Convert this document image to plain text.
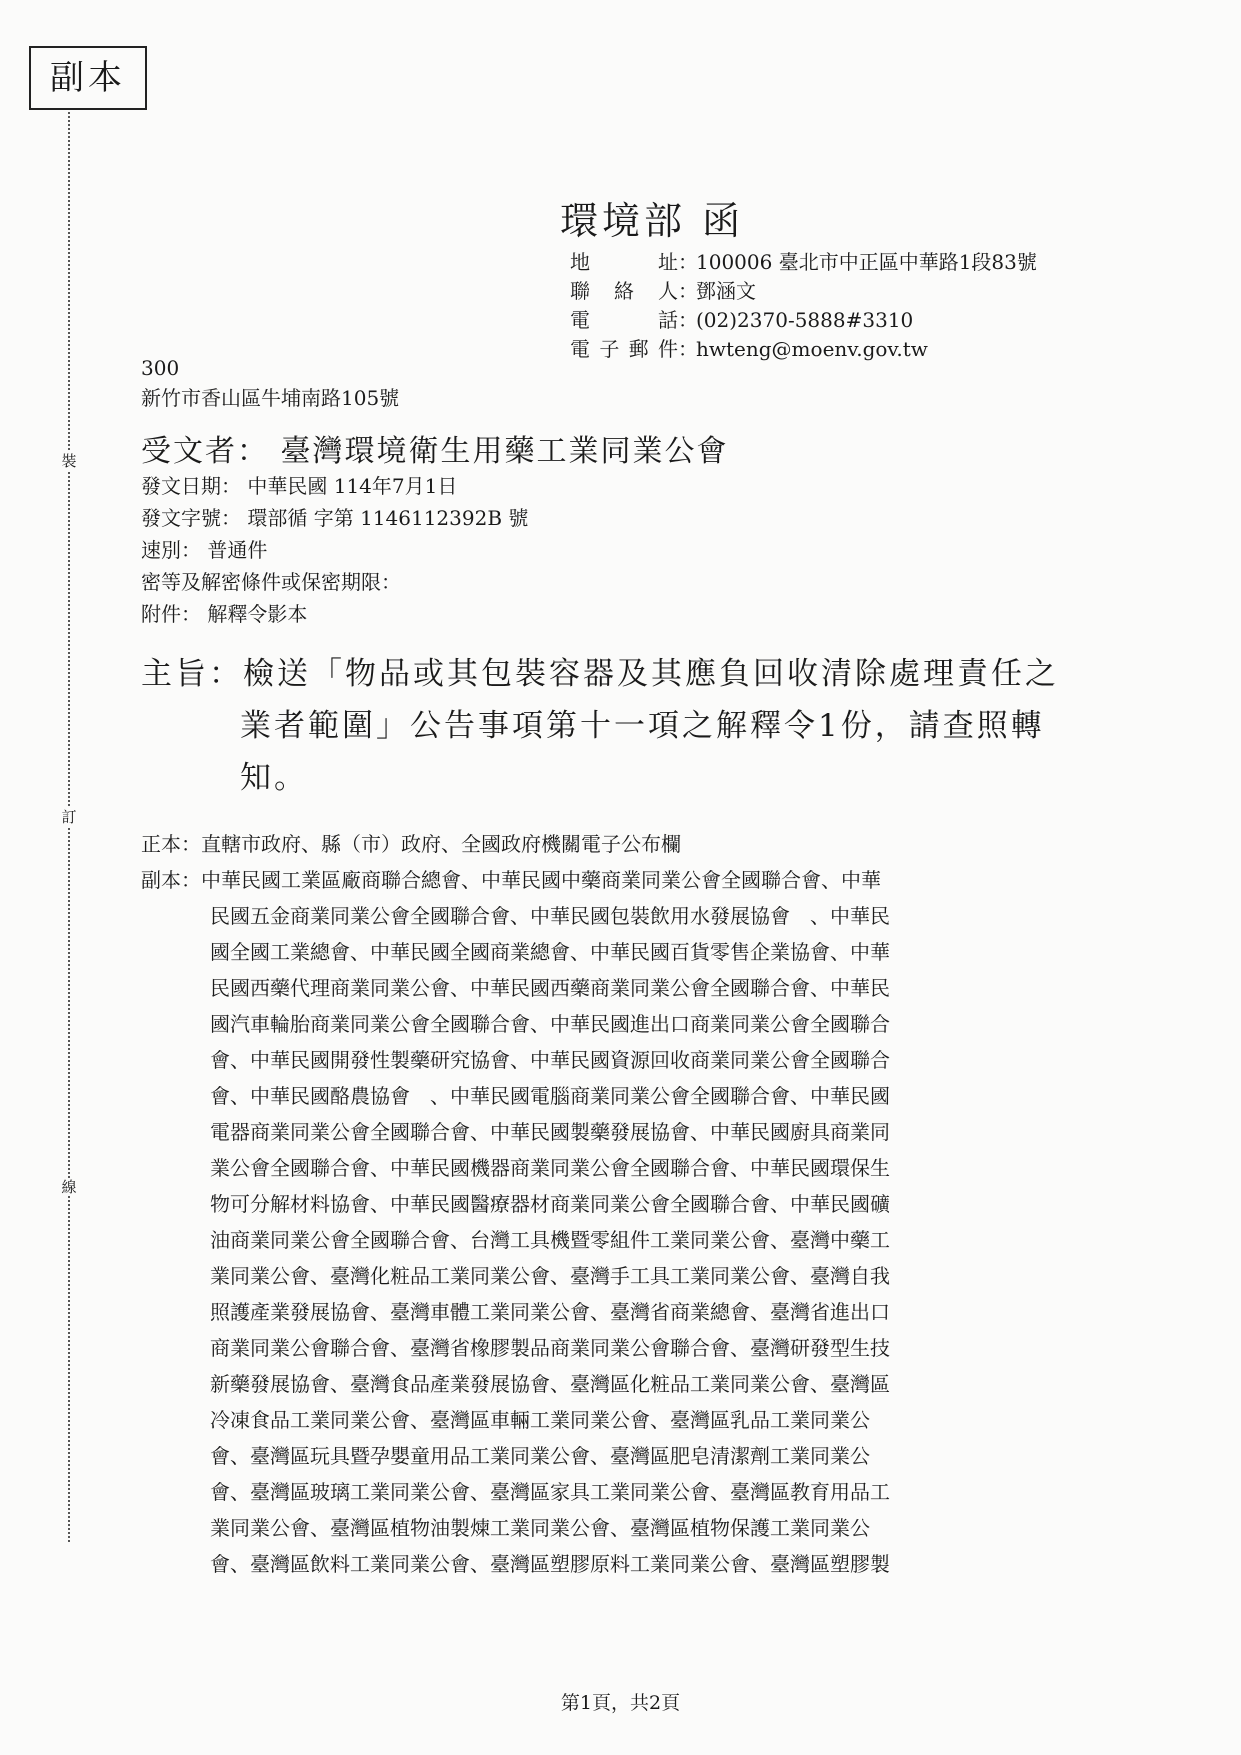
副本
裝
訂
線
環境部 函
地址：100006 臺北市中正區中華路1段83號
聯絡人：鄧涵文
電話：(02)2370-5888#3310
電子郵件：hwteng@moenv.gov.tw
300
新竹市香山區牛埔南路105號
受文者： 臺灣環境衛生用藥工業同業公會
發文日期： 中華民國 114年7月1日
發文字號： 環部循 字第 1146112392B 號
速別： 普通件
密等及解密條件或保密期限：
附件： 解釋令影本
主旨：檢送「物品或其包裝容器及其應負回收清除處理責任之
業者範圍」公告事項第十一項之解釋令1份，請查照轉
知。
正本：直轄市政府、縣（市）政府、全國政府機關電子公布欄
副本：中華民國工業區廠商聯合總會、中華民國中藥商業同業公會全國聯合會、中華
民國五金商業同業公會全國聯合會、中華民國包裝飲用水發展協會　、中華民
國全國工業總會、中華民國全國商業總會、中華民國百貨零售企業協會、中華
民國西藥代理商業同業公會、中華民國西藥商業同業公會全國聯合會、中華民
國汽車輪胎商業同業公會全國聯合會、中華民國進出口商業同業公會全國聯合
會、中華民國開發性製藥研究協會、中華民國資源回收商業同業公會全國聯合
會、中華民國酪農協會　、中華民國電腦商業同業公會全國聯合會、中華民國
電器商業同業公會全國聯合會、中華民國製藥發展協會、中華民國廚具商業同
業公會全國聯合會、中華民國機器商業同業公會全國聯合會、中華民國環保生
物可分解材料協會、中華民國醫療器材商業同業公會全國聯合會、中華民國礦
油商業同業公會全國聯合會、台灣工具機暨零組件工業同業公會、臺灣中藥工
業同業公會、臺灣化粧品工業同業公會、臺灣手工具工業同業公會、臺灣自我
照護產業發展協會、臺灣車體工業同業公會、臺灣省商業總會、臺灣省進出口
商業同業公會聯合會、臺灣省橡膠製品商業同業公會聯合會、臺灣研發型生技
新藥發展協會、臺灣食品產業發展協會、臺灣區化粧品工業同業公會、臺灣區
冷凍食品工業同業公會、臺灣區車輛工業同業公會、臺灣區乳品工業同業公
會、臺灣區玩具暨孕嬰童用品工業同業公會、臺灣區肥皂清潔劑工業同業公
會、臺灣區玻璃工業同業公會、臺灣區家具工業同業公會、臺灣區教育用品工
業同業公會、臺灣區植物油製煉工業同業公會、臺灣區植物保護工業同業公
會、臺灣區飲料工業同業公會、臺灣區塑膠原料工業同業公會、臺灣區塑膠製
第1頁，共2頁
